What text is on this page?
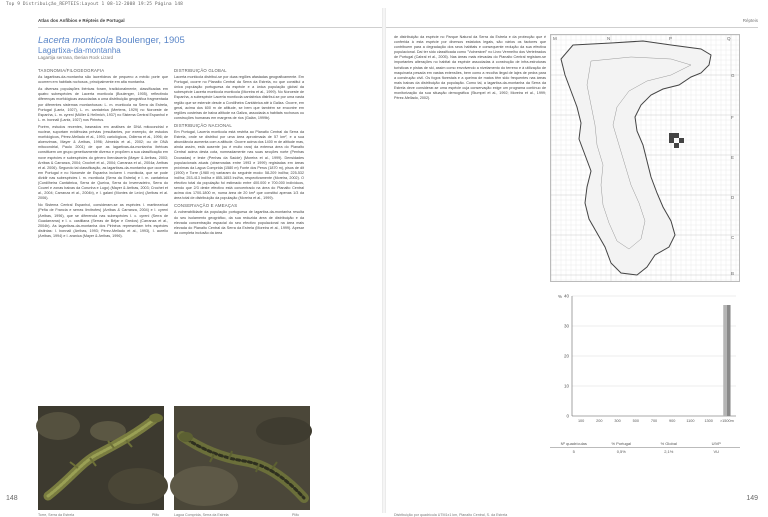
Top 9 Distribuição_REPTEIS:Layout 1 08-12-2008 19:25 Página 148
Atlas dos Anfíbios e Répteis de Portugal
Lacerta monticola Boulenger, 1905
Lagartixa-da-montanha
Lagartija serrana, Iberian Rock Lizard
TAXONOMIA/FILOGEOGRAFIA

As lagartixas-da-montanha são lacertídeos de pequeno a médio porte que ocorrem em habitats rochosos, principalmente em alta montanha.

As diversas populações ibéricas foram, tradicionalmente, classificadas em quatro subespécies de Lacerta monticola (Boulenger, 1905), reflectindo diferenças morfológicas associadas a uma distribuição geográfica fragmentada por diferentes sistemas montanhosos: L. m. monticola na Serra da Estrela, Portugal (Lantz, 1927), L. m. cantabrica (Mertens, 1929) no Noroeste de Espanha, L. m. cyreni (Müller & Hellmich, 1937) no Sistema Central Espanhol e L. m. bonnali (Lantz, 1927) nos Pirinéus.

Porém, estudos recentes, baseados em análises de DNA mitocondrial e nuclear, suportam evidências prévias (resultantes, por exemplo, de estudos morfológicos, Pérez-Mellado et al., 1993; cariológicos, Odierna et al., 1996; de aloenzimas, Mayer & Arribas, 1996; Almeida et al., 2002; ou de DNA mitocondrial, Paulo 2001) de que as lagartixas-da-montanha ibéricas constituem um grupo geneticamente diverso e propõem a sua classificação em nove espécies e subespécies do género Iberolacerta (Mayer & Arribas, 2003; Arribas & Carranza, 2004; Crochet et al., 2004; Carranza et al., 2004a; Arribas et al. 2006). Segundo tal classificação, as lagartixas-da-montanha que ocorrem em Portugal e no Noroeste de Espanha incluem I. monticola, que se pode dividir nas subespécies I. m. monticola (Serra da Estrela) e I. m. cantabrica (Cordilheira Cantábrica, Serra de Queixa, Serra do Invernadeiro, Serra do Courel e zonas baixas da Corunha e Lugo) (Mayer & Arribas, 2003; Crochet et al., 2004; Carranza et al., 2004b), e I. galani (Montes de León) (Arribas et al. 2006).

No Sistema Central Espanhol, consideram-se as espécies I. martinezricai (Peña de Francia e serras limítrofes) (Arribas & Carranza, 2004) e I. cyreni (Arribas, 1996), que se diferencia nas subespécies I. c. cyreni (Serra de Guadarrama) e I. c. castiliana (Serras de Béjar e Gredos) (Carranza et al., 2004b). As lagartixas-da-montanha dos Pirinéus representam três espécies distintas: I. bonnali (Arribas, 1993; Pérez-Mellado et al., 1993), I. aurelio (Arribas, 1994) e I. aranica (Mayer & Arribas, 1996).

DISTRIBUIÇÃO GLOBAL

Lacerta monticola distribui-se por duas regiões afastadas geograficamente. Em Portugal, ocorre no Planalto Central da Serra da Estrela, no que constitui a única população portuguesa da espécie e a única população global da subespécie Lacerta monticola monticola (Moreira et al., 1999). No Noroeste de Espanha, a subespécie Lacerta monticola cantabrica distribui-se por uma vasta região que se estende desde a Cordilheira Cantábrica até à Galiza. Ocorre, em geral, acima dos 600 m de altitude, se bem que também se encontre em regiões costeiras de baixa altitude na Galiza, associada a habitats rochosos ou construções humanas em margens de rios (Galán, 1999b).

DISTRIBUIÇÃO NACIONAL

Em Portugal, Lacerta monticola está restrita ao Planalto Central da Serra da Estrela, onde se distribui por uma área aproximada de 57 km², e a sua abundância aumenta com a altitude. Ocorre acima dos 1400 m de altitude mas, ainda assim, está ausente (ou é muito rara) da extensa área do Planalto Central acima desta cota, nomeadamente nas suas secções norte (Penhas Douradas) e leste (Penhas da Saúde) (Moreira et al., 1999). Densidades populacionais atuais (observadas entre 1993 e 1999) registadas em áreas próximas da Lagoa Comprida (1580 m) Fonte dos Perus (1870 m), pisos de dit (1900) e Torre (1980 m) variaram do seguinte modo: 58-209 ind/ha; 225-532 ind/ha; 253-413 ind/ha e 855-1653 ind/ha, respectivamente (Moreira, 2002). O efectivo total da população foi estimado entre 400.000 e 700.000 indivíduos, sendo que 2/3 deste efectivo está concentrado na área do Planalto Central acima dos 1700-1800 m, numa área de 20 km² que constitui apenas 1/3 da área total de distribuição da população (Moreira et al., 1999).

CONSERVAÇÃO E AMEAÇAS

A vulnerabilidade da população portuguesa de lagartixa-da-montanha resulta do seu isolamento geográfico, da sua reduzida área de distribuição e da elevada concentração espacial do seu efectivo populacional na área mais elevada do Planalto Central da Serra da Estrela (Moreira et al., 1999). Apesar da completa inclusão da área

Torre, Serra da Estrela	PMc	Lagoa Comprida, Serra da Estrela	PMc
148
Répteis

de distribuição da espécie no Parque Natural da Serra da Estrela e da protecção que é conferida à esta espécie por diversos estatutos legais, são vários os factores que contribuem para a degradação dos seus habitats e consequente redução da sua efectiva populacional. Daí ter sido classificada como "Vulnerável" no Livro Vermelho dos Vertebrados de Portugal (Cabral et al., 2005). Nas áreas mais elevadas do Planalto Central registam-se importantes alterações no habitat da espécie associadas à construção de infra-estruturas turísticas e pistas de ski, assim como envolvendo a nivelamento do terreno e à utilização de maquinaria pesada em vastas extensões, bem como a recolha ilegal de lajes de pedra para a construção civil. Os fogos florestais e a queima de matos têm sido frequentes nas áreas mais baixas da distribuição da população. Como tal, a lagartixa-da-montanha da Serra da Estrela deve considerar-se uma espécie cuja conservação exige um programa contínuo de monitorização da sua situação demográfica (Stumpel et al., 1992; Moreira et al., 1999; Pérez-Mellado, 2002).

M	N	P	Q
G
F
E
D
C
B
0
10
20
30
40
%
100	200	300	500	700	900	1100	1300 >1500m
Nº quadrículas	% Portugal	% Global	UIVP
5	0,5%	2,1%	VU
Distribuição por quadrícula UTM1x1 km, Planalto Central, S. da Estrela
149
